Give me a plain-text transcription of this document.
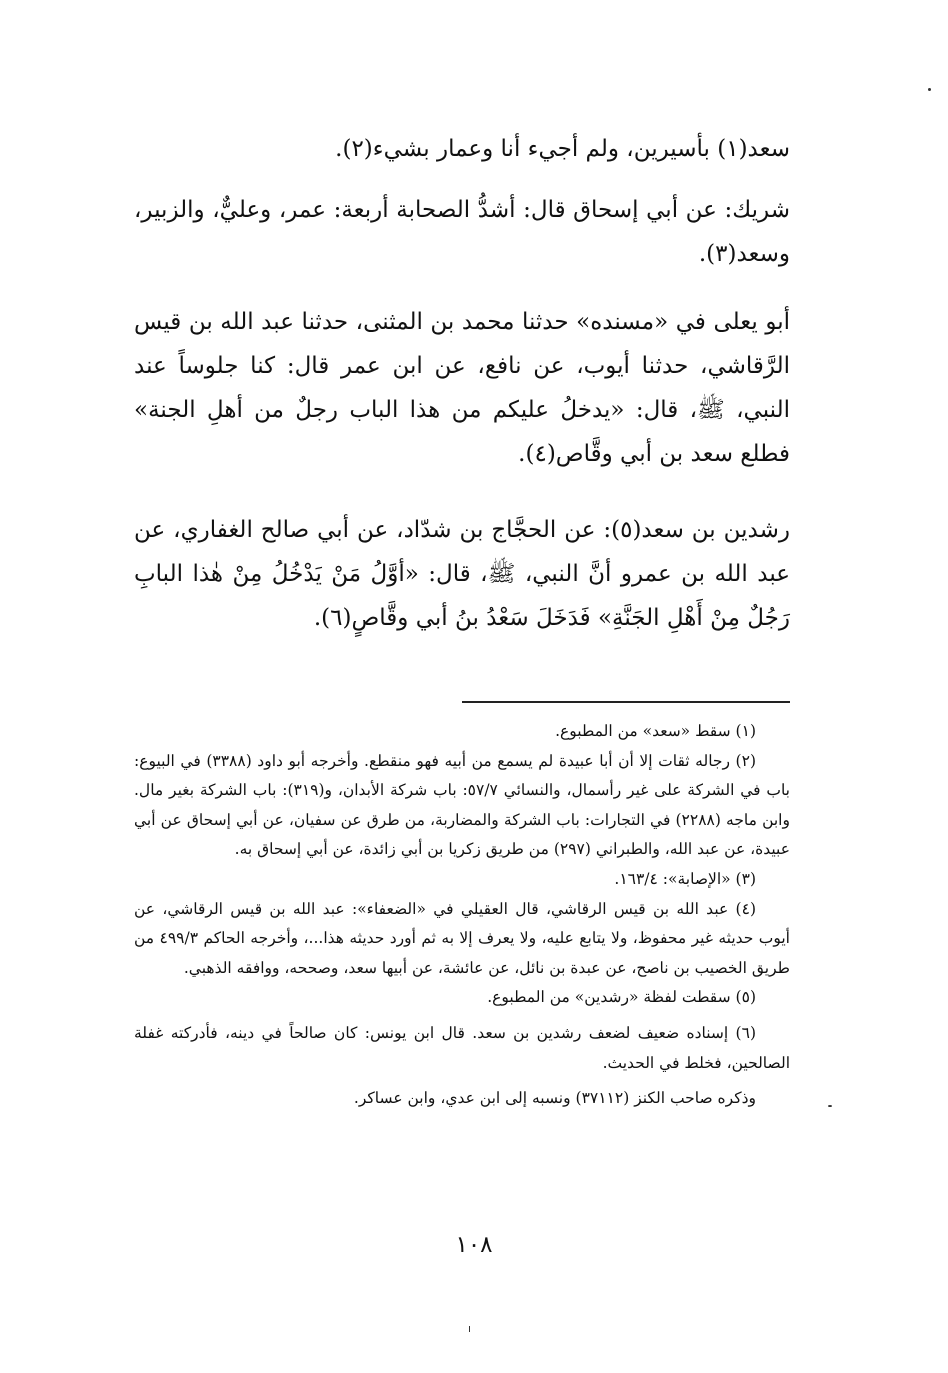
سعد(١) بأسيرين، ولم أجيء أنا وعمار بشيء(٢).

شريك: عن أبي إسحاق قال: أشدُّ الصحابة أربعة: عمر، وعليٌّ، والزبير، وسعد(٣).

أبو يعلى في «مسنده» حدثنا محمد بن المثنى، حدثنا عبد الله بن قيس الرَّقاشي، حدثنا أيوب، عن نافع، عن ابن عمر قال: كنا جلوساً عند النبي، ﷺ، قال: «يدخلُ عليكم من هذا الباب رجلٌ من أهلِ الجنة» فطلع سعد بن أبي وقَّاص(٤).

رشدين بن سعد(٥): عن الحجَّاج بن شدّاد، عن أبي صالح الغفاري، عن عبد الله بن عمرو أنَّ النبي، ﷺ، قال: «أوَّلُ مَنْ يَدْخُلُ مِنْ هٰذا البابِ رَجُلٌ مِنْ أَهْلِ الجَنَّةِ» فَدَخَلَ سَعْدُ بنُ أبي وقَّاصٍ(٦).

(١) سقط «سعد» من المطبوع.

(٢) رجاله ثقات إلا أن أبا عبيدة لم يسمع من أبيه فهو منقطع. وأخرجه أبو داود (٣٣٨٨) في البيوع: باب في الشركة على غير رأسمال، والنسائي ٥٧/٧: باب شركة الأبدان، و(٣١٩): باب الشركة بغير مال. وابن ماجه (٢٢٨٨) في التجارات: باب الشركة والمضاربة، من طرق عن سفيان، عن أبي إسحاق عن أبي عبيدة، عن عبد الله، والطبراني (٢٩٧) من طريق زكريا بن أبي زائدة، عن أبي إسحاق به.

(٣) «الإصابة»: ١٦٣/٤.

(٤) عبد الله بن قيس الرقاشي، قال العقيلي في «الضعفاء»: عبد الله بن قيس الرقاشي، عن أيوب حديثه غير محفوظ، ولا يتابع عليه، ولا يعرف إلا به ثم أورد حديثه هذا...، وأخرجه الحاكم ٤٩٩/٣ من طريق الخصيب بن ناصح، عن عبدة بن نائل، عن عائشة، عن أبيها سعد، وصححه، ووافقه الذهبي.

(٥) سقطت لفظة «رشدين» من المطبوع.

(٦) إسناده ضعيف لضعف رشدين بن سعد. قال ابن يونس: كان صالحاً في دينه، فأدركته غفلة الصالحين، فخلط في الحديث.

وذكره صاحب الكنز (٣٧١١٢) ونسبه إلى ابن عدي، وابن عساكر.

١٠٨
